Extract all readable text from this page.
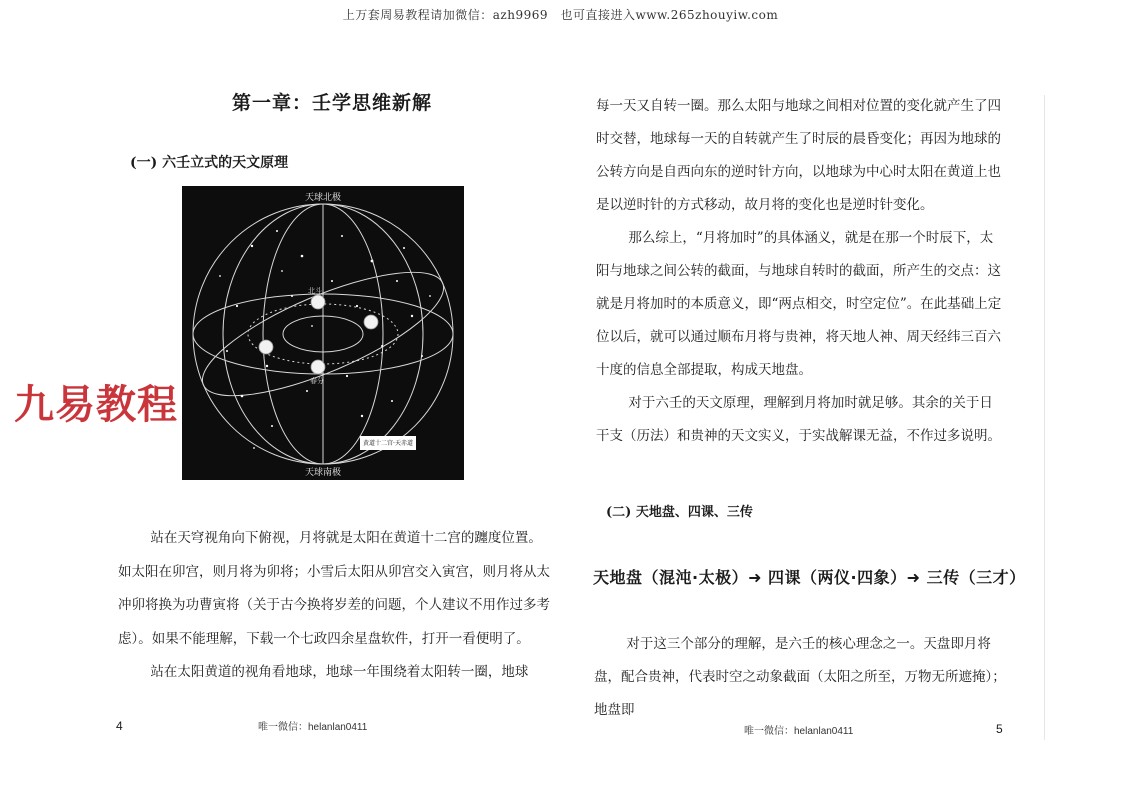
上万套周易教程请加微信：azh9969　也可直接进入www.265zhouyiw.com
第一章：壬学思维新解
(一) 六壬立式的天文原理
天球北极
天球南极
春分
北斗
黄道十二宫·天赤道
九易教程

站在天穹视角向下俯视，月将就是太阳在黄道十二宫的躔度位置。如太阳在卯宫，则月将为卯将；小雪后太阳从卯宫交入寅宫，则月将从太冲卯将换为功曹寅将（关于古今换将岁差的问题，个人建议不用作过多考虑）。如果不能理解，下载一个七政四余星盘软件，打开一看便明了。

站在太阳黄道的视角看地球，地球一年围绕着太阳转一圈，地球

4	唯一微信：helanlan0411

每一天又自转一圈。那么太阳与地球之间相对位置的变化就产生了四时交替，地球每一天的自转就产生了时辰的晨昏变化；再因为地球的公转方向是自西向东的逆时针方向，以地球为中心时太阳在黄道上也是以逆时针的方式移动，故月将的变化也是逆时针变化。

那么综上，“月将加时”的具体涵义，就是在那一个时辰下，太阳与地球之间公转的截面，与地球自转时的截面，所产生的交点：这就是月将加时的本质意义，即“两点相交，时空定位”。在此基础上定位以后，就可以通过顺布月将与贵神，将天地人神、周天经纬三百六十度的信息全部提取，构成天地盘。

对于六壬的天文原理，理解到月将加时就足够。其余的关于日干支（历法）和贵神的天文实义，于实战解课无益，不作过多说明。

(二) 天地盘、四课、三传
天地盘（混沌·太极）➜ 四课（两仪·四象）➜ 三传（三才）

对于这三个部分的理解，是六壬的核心理念之一。天盘即月将盘，配合贵神，代表时空之动象截面（太阳之所至，万物无所遮掩）；地盘即

唯一微信：helanlan0411	5
